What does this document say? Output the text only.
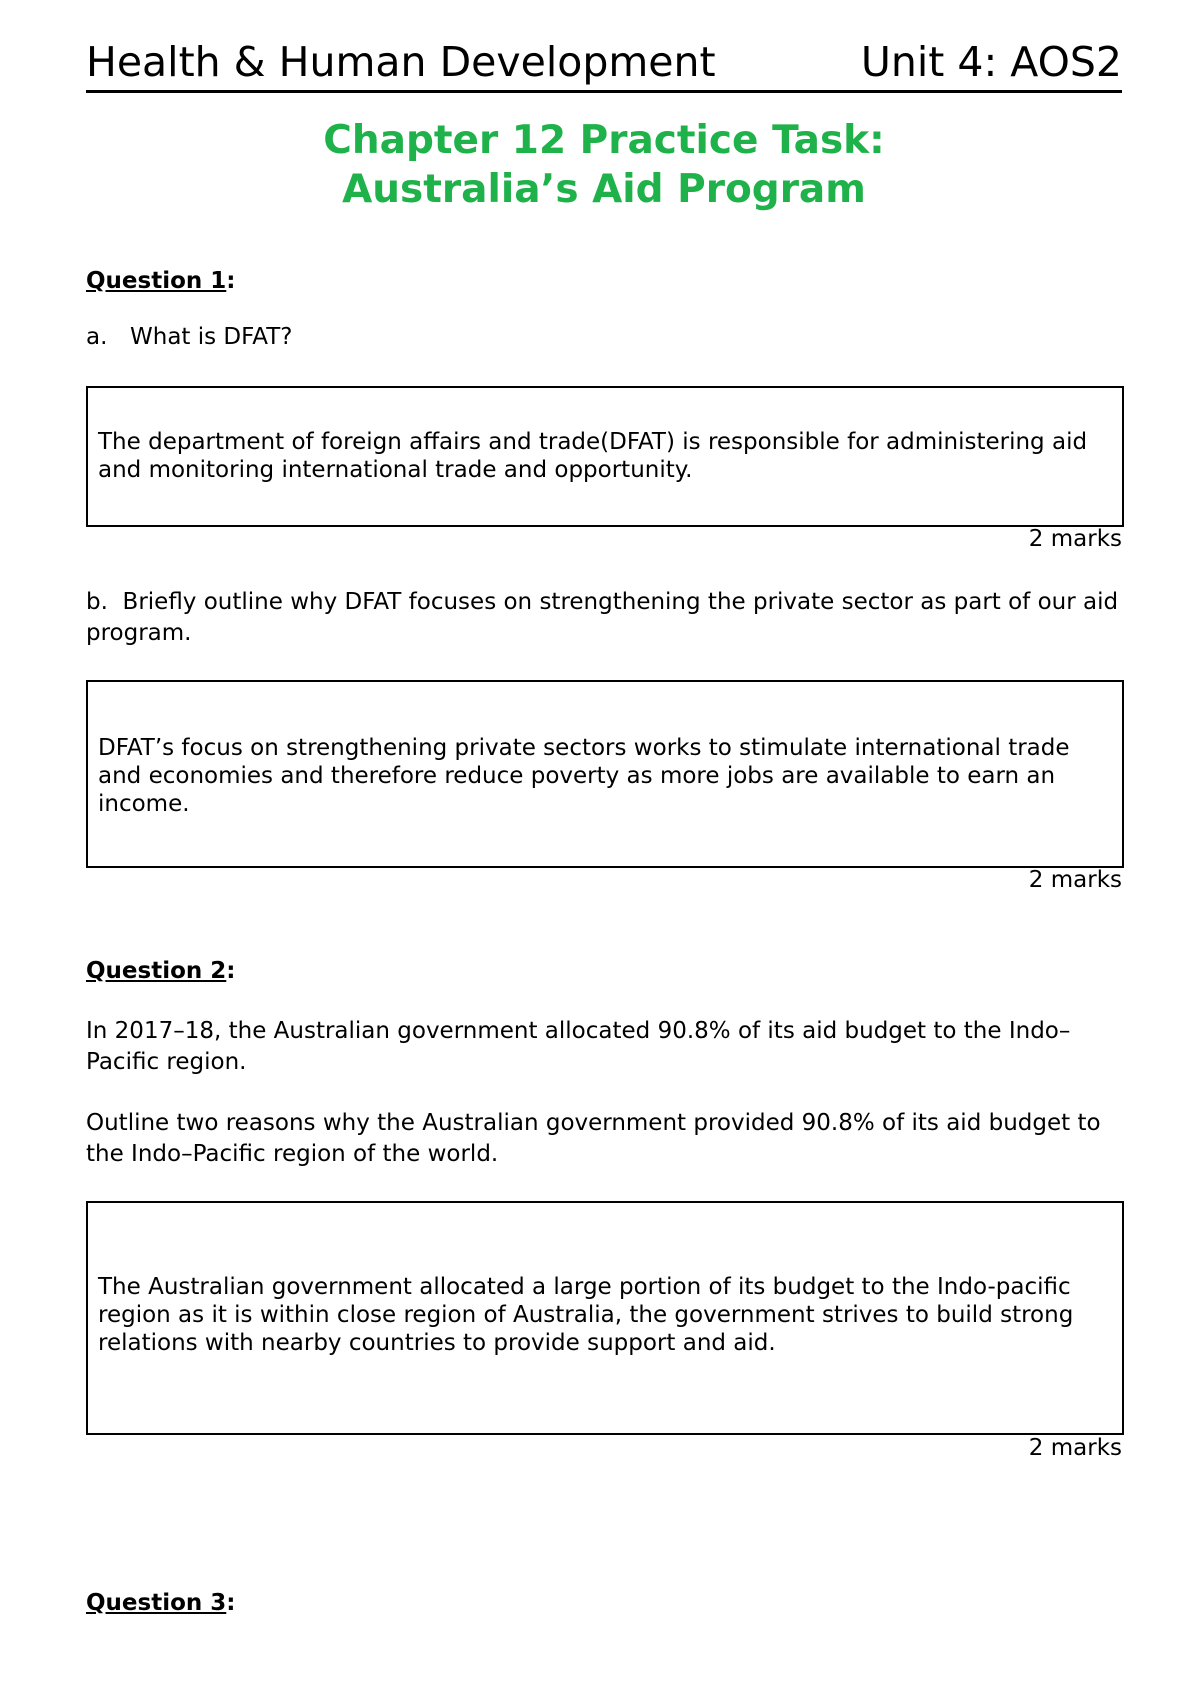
Health & Human Development	Unit 4: AOS2
Chapter 12 Practice Task:
Australia’s Aid Program
Question 1:
a. What is DFAT?
The department of foreign affairs and trade(DFAT) is responsible for administering aid and monitoring international trade and opportunity.
2 marks
b. Briefly outline why DFAT focuses on strengthening the private sector as part of our aid program.
DFAT’s focus on strengthening private sectors works to stimulate international trade and economies and therefore reduce poverty as more jobs are available to earn an income.
2 marks
Question 2:
In 2017–18, the Australian government allocated 90.8% of its aid budget to the Indo–Pacific region.
Outline two reasons why the Australian government provided 90.8% of its aid budget to the Indo–Pacific region of the world.
The Australian government allocated a large portion of its budget to the Indo-pacific region as it is within close region of Australia, the government strives to build strong relations with nearby countries to provide support and aid.
2 marks
Question 3:
